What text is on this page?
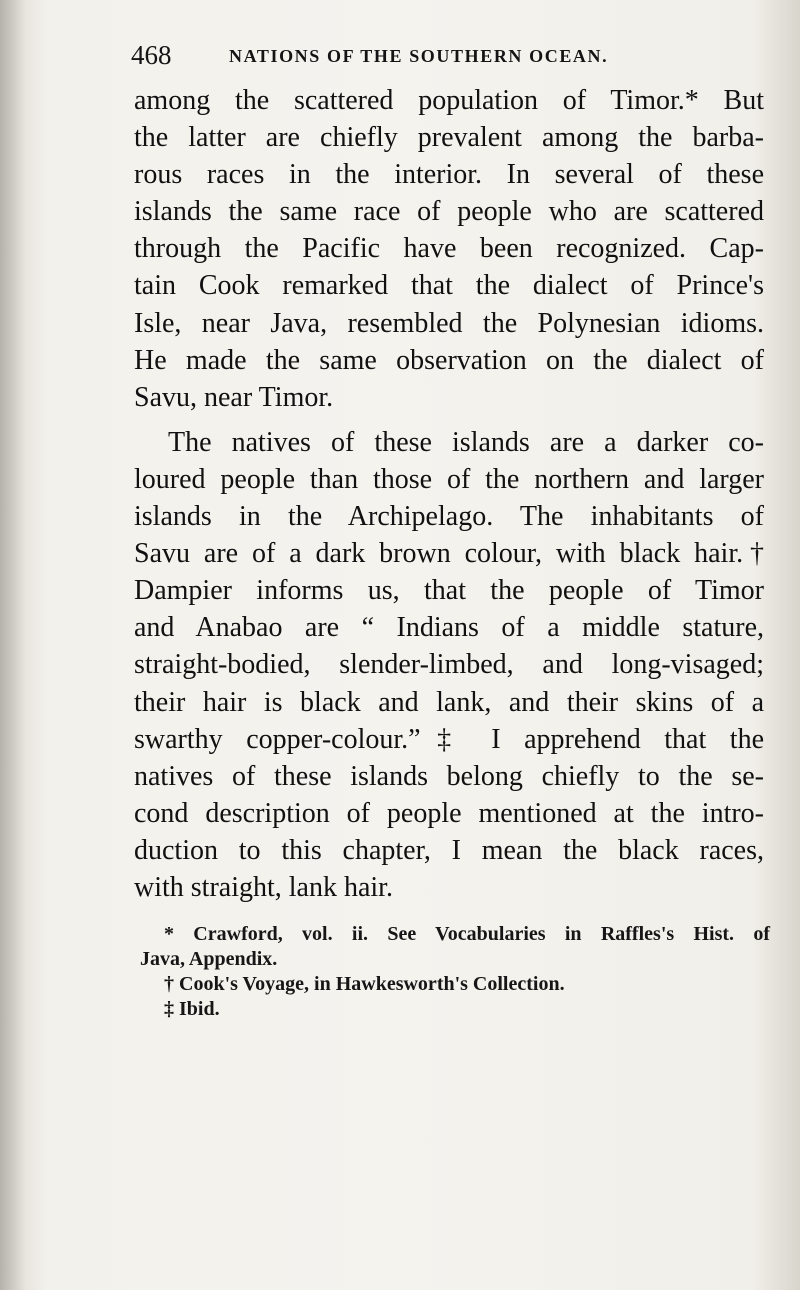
468	NATIONS OF THE SOUTHERN OCEAN.
among the scattered population of Timor.* But
the latter are chiefly prevalent among the barba-
rous races in the interior. In several of these
islands the same race of people who are scattered
through the Pacific have been recognized. Cap-
tain Cook remarked that the dialect of Prince's
Isle, near Java, resembled the Polynesian idioms.
He made the same observation on the dialect of
Savu, near Timor.
The natives of these islands are a darker co-
loured people than those of the northern and larger
islands in the Archipelago. The inhabitants of
Savu are of a dark brown colour, with black hair.†
Dampier informs us, that the people of Timor
and Anabao are “ Indians of a middle stature,
straight-bodied, slender-limbed, and long-visaged;
their hair is black and lank, and their skins of a
swarthy copper-colour.”‡ I apprehend that the
natives of these islands belong chiefly to the se-
cond description of people mentioned at the intro-
duction to this chapter, I mean the black races,
with straight, lank hair.
* Crawford, vol. ii. See Vocabularies in Raffles's Hist. of
Java, Appendix.
† Cook's Voyage, in Hawkesworth's Collection.
‡ Ibid.
